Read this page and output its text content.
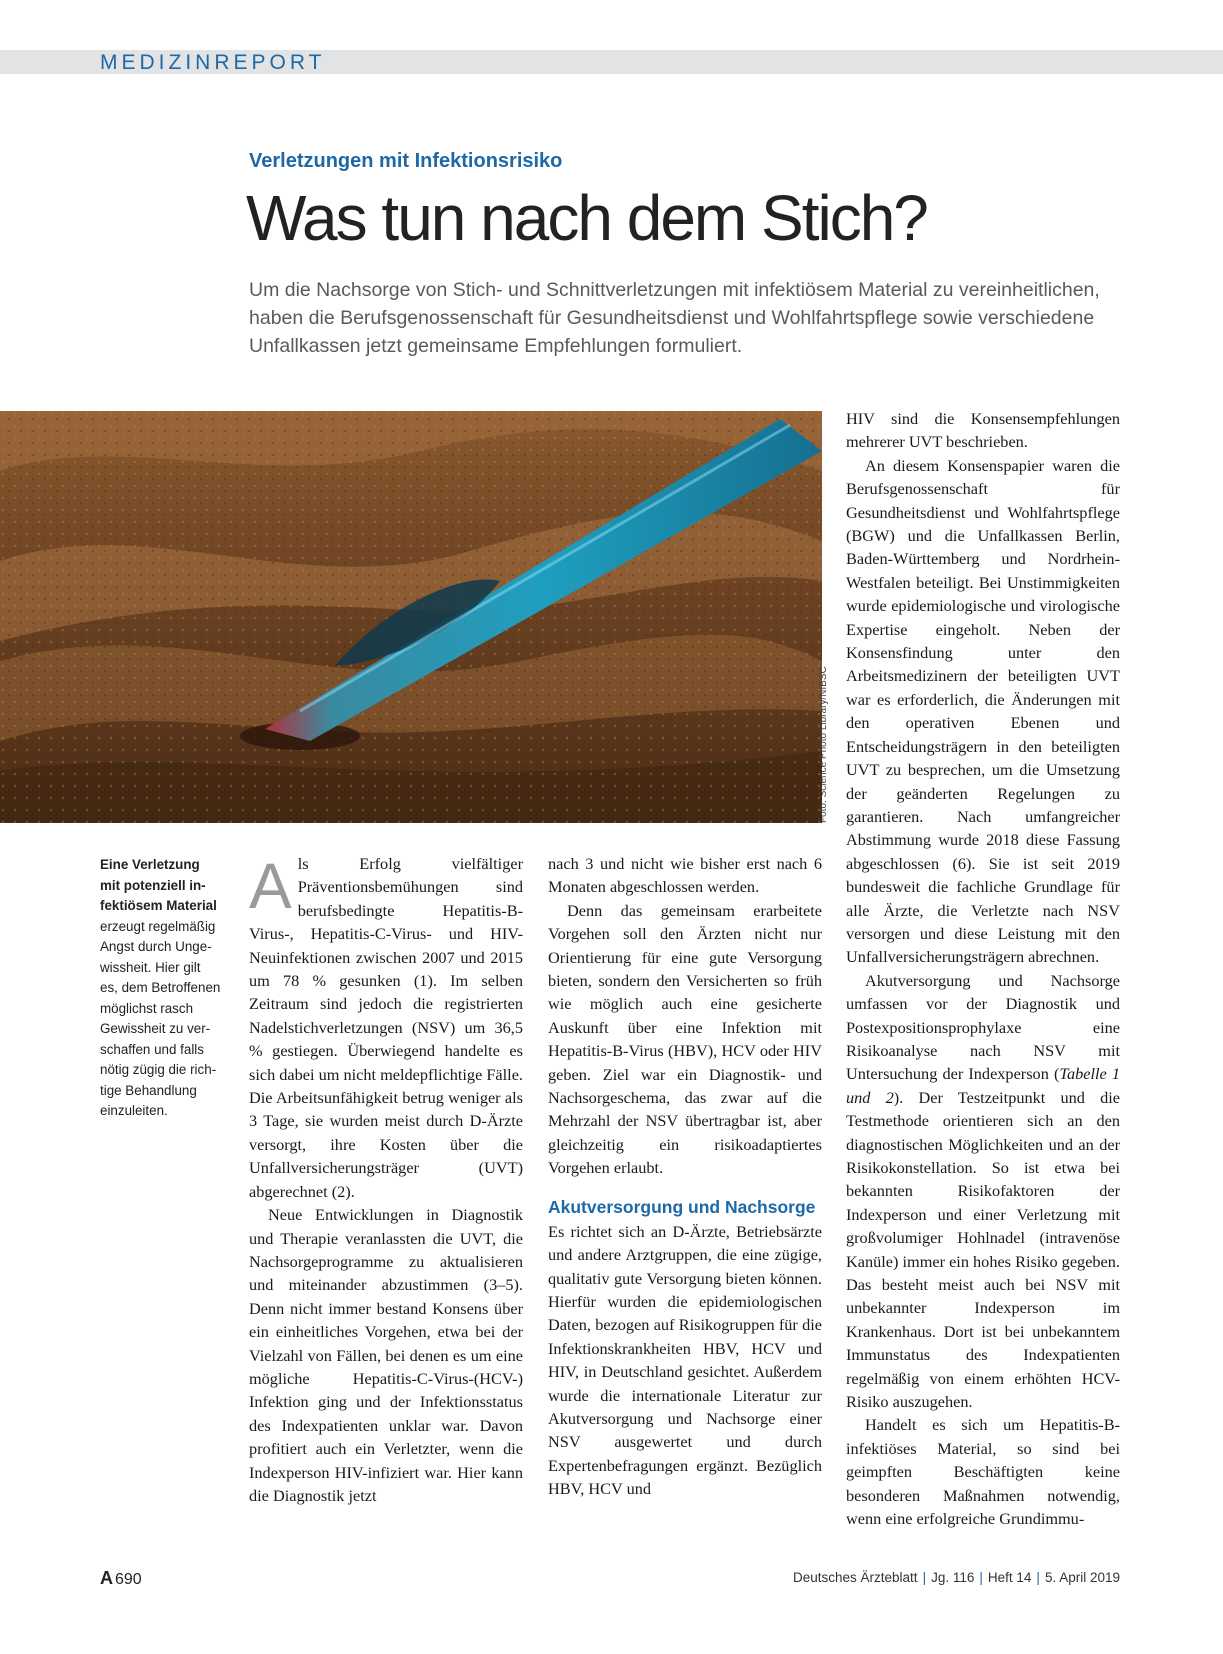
MEDIZINREPORT
Verletzungen mit Infektionsrisiko
Was tun nach dem Stich?
Um die Nachsorge von Stich- und Schnittverletzungen mit infektiösem Material zu vereinheitlichen,
haben die Berufsgenossenschaft für Gesundheitsdienst und Wohlfahrtspflege sowie verschiedene
Unfallkassen jetzt gemeinsame Empfehlungen formuliert.
Foto: Science Photo Library/NIBSC
Eine Verletzung
mit potenziell in-
fektiösem Material
erzeugt regelmäßig
Angst durch Unge-
wissheit. Hier gilt
es, dem Betroffenen
möglichst rasch
Gewissheit zu ver-
schaffen und falls
nötig zügig die rich-
tige Behandlung
einzuleiten.

Als Erfolg vielfältiger Präventionsbemühungen sind berufsbedingte Hepatitis-B-Virus-, Hepatitis-C-Virus- und HIV-Neuinfektionen zwischen 2007 und 2015 um 78 % gesunken (1). Im selben Zeitraum sind jedoch die registrierten Nadelstichverletzungen (NSV) um 36,5 % gestiegen. Überwiegend handelte es sich dabei um nicht meldepflichtige Fälle. Die Arbeitsunfähigkeit betrug weniger als 3 Tage, sie wurden meist durch D-Ärzte versorgt, ihre Kosten über die Unfallversicherungsträger (UVT) abgerechnet (2).

Neue Entwicklungen in Diagnostik und Therapie veranlassten die UVT, die Nachsorgeprogramme zu aktualisieren und miteinander abzustimmen (3–5). Denn nicht immer bestand Konsens über ein einheitliches Vorgehen, etwa bei der Vielzahl von Fällen, bei denen es um eine mögliche Hepatitis-C-Virus-(HCV-) Infektion ging und der Infektionsstatus des Indexpatienten unklar war. Davon profitiert auch ein Verletzter, wenn die Indexperson HIV-infiziert war. Hier kann die Diagnostik jetzt

nach 3 und nicht wie bisher erst nach 6 Monaten abgeschlossen werden.

Denn das gemeinsam erarbeitete Vorgehen soll den Ärzten nicht nur Orientierung für eine gute Versorgung bieten, sondern den Versicherten so früh wie möglich auch eine gesicherte Auskunft über eine Infektion mit Hepatitis-B-Virus (HBV), HCV oder HIV geben. Ziel war ein Diagnostik- und Nachsorgeschema, das zwar auf die Mehrzahl der NSV übertragbar ist, aber gleichzeitig ein risikoadaptiertes Vorgehen erlaubt.

Akutversorgung und Nachsorge

Es richtet sich an D-Ärzte, Betriebsärzte und andere Arztgruppen, die eine zügige, qualitativ gute Versorgung bieten können. Hierfür wurden die epidemiologischen Daten, bezogen auf Risikogruppen für die Infektionskrankheiten HBV, HCV und HIV, in Deutschland gesichtet. Außerdem wurde die internationale Literatur zur Akutversorgung und Nachsorge einer NSV ausgewertet und durch Expertenbefragungen ergänzt. Bezüglich HBV, HCV und

HIV sind die Konsensempfehlungen mehrerer UVT beschrieben.

An diesem Konsenspapier waren die Berufsgenossenschaft für Gesundheitsdienst und Wohlfahrtspflege (BGW) und die Unfallkassen Berlin, Baden-Württemberg und Nordrhein-Westfalen beteiligt. Bei Unstimmigkeiten wurde epidemiologische und virologische Expertise eingeholt. Neben der Konsensfindung unter den Arbeitsmedizinern der beteiligten UVT war es erforderlich, die Änderungen mit den operativen Ebenen und Entscheidungsträgern in den beteiligten UVT zu besprechen, um die Umsetzung der geänderten Regelungen zu garantieren. Nach umfangreicher Abstimmung wurde 2018 diese Fassung abgeschlossen (6). Sie ist seit 2019 bundesweit die fachliche Grundlage für alle Ärzte, die Verletzte nach NSV versorgen und diese Leistung mit den Unfallversicherungsträgern abrechnen.

Akutversorgung und Nachsorge umfassen vor der Diagnostik und Postexpositionsprophylaxe eine Risikoanalyse nach NSV mit Untersuchung der Indexperson (Tabelle 1 und 2). Der Testzeitpunkt und die Testmethode orientieren sich an den diagnostischen Möglichkeiten und an der Risikokonstellation. So ist etwa bei bekannten Risikofaktoren der Indexperson und einer Verletzung mit großvolumiger Hohlnadel (intravenöse Kanüle) immer ein hohes Risiko gegeben. Das besteht meist auch bei NSV mit unbekannter Indexperson im Krankenhaus. Dort ist bei unbekanntem Immunstatus des Indexpatienten regelmäßig von einem erhöhten HCV-Risiko auszugehen.

Handelt es sich um Hepatitis-B-infektiöses Material, so sind bei geimpften Beschäftigten keine besonderen Maßnahmen notwendig, wenn eine erfolgreiche Grundimmu-

A 690	Deutsches Ärzteblatt | Jg. 116 | Heft 14 | 5. April 2019
